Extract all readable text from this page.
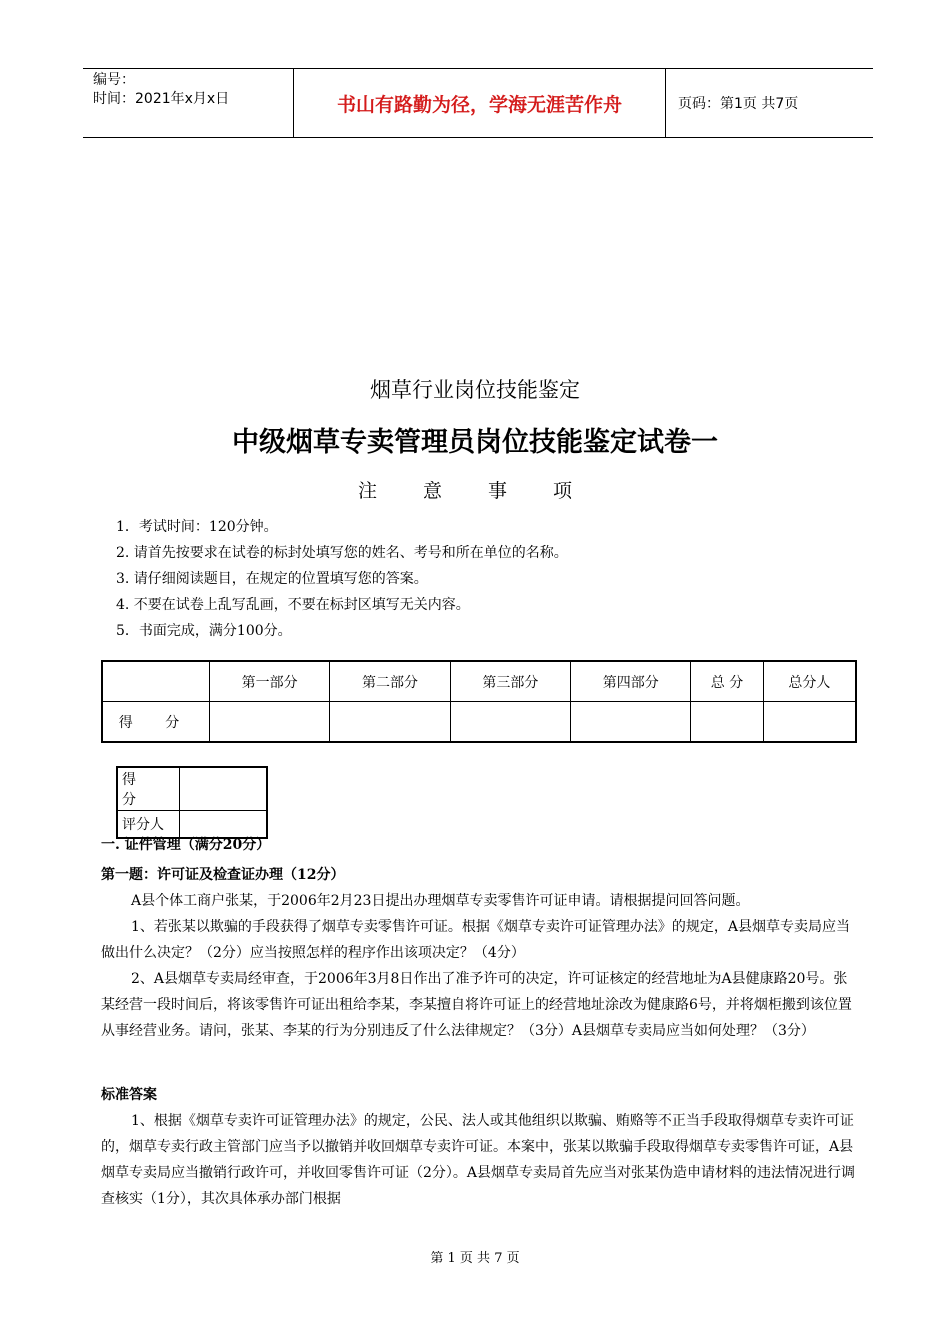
编号：
时间：2021年x月x日	书山有路勤为径，学海无涯苦作舟	页码：第1页 共7页
烟草行业岗位技能鉴定
中级烟草专卖管理员岗位技能鉴定试卷一
注 意 事 项
1．考试时间：120分钟。
2. 请首先按要求在试卷的标封处填写您的姓名、考号和所在单位的名称。
3. 请仔细阅读题目，在规定的位置填写您的答案。
4. 不要在试卷上乱写乱画，不要在标封区填写无关内容。
5．书面完成，满分100分。
	第一部分	第二部分	第三部分	第四部分	总 分	总分人
得 分						
得 分	
评分人	

一. 证件管理（满分20分）

第一题：许可证及检查证办理（12分）

A县个体工商户张某，于2006年2月23日提出办理烟草专卖零售许可证申请。请根据提问回答问题。

1、若张某以欺骗的手段获得了烟草专卖零售许可证。根据《烟草专卖许可证管理办法》的规定，A县烟草专卖局应当做出什么决定？（2分）应当按照怎样的程序作出该项决定？（4分）

2、A县烟草专卖局经审查，于2006年3月8日作出了准予许可的决定，许可证核定的经营地址为A县健康路20号。张某经营一段时间后，将该零售许可证出租给李某，李某擅自将许可证上的经营地址涂改为健康路6号，并将烟柜搬到该位置从事经营业务。请问，张某、李某的行为分别违反了什么法律规定？（3分）A县烟草专卖局应当如何处理？（3分）

标准答案

1、根据《烟草专卖许可证管理办法》的规定，公民、法人或其他组织以欺骗、贿赂等不正当手段取得烟草专卖许可证的，烟草专卖行政主管部门应当予以撤销并收回烟草专卖许可证。本案中，张某以欺骗手段取得烟草专卖零售许可证，A县烟草专卖局应当撤销行政许可，并收回零售许可证（2分）。A县烟草专卖局首先应当对张某伪造申请材料的违法情况进行调查核实（1分），其次具体承办部门根据

第 1 页 共 7 页
